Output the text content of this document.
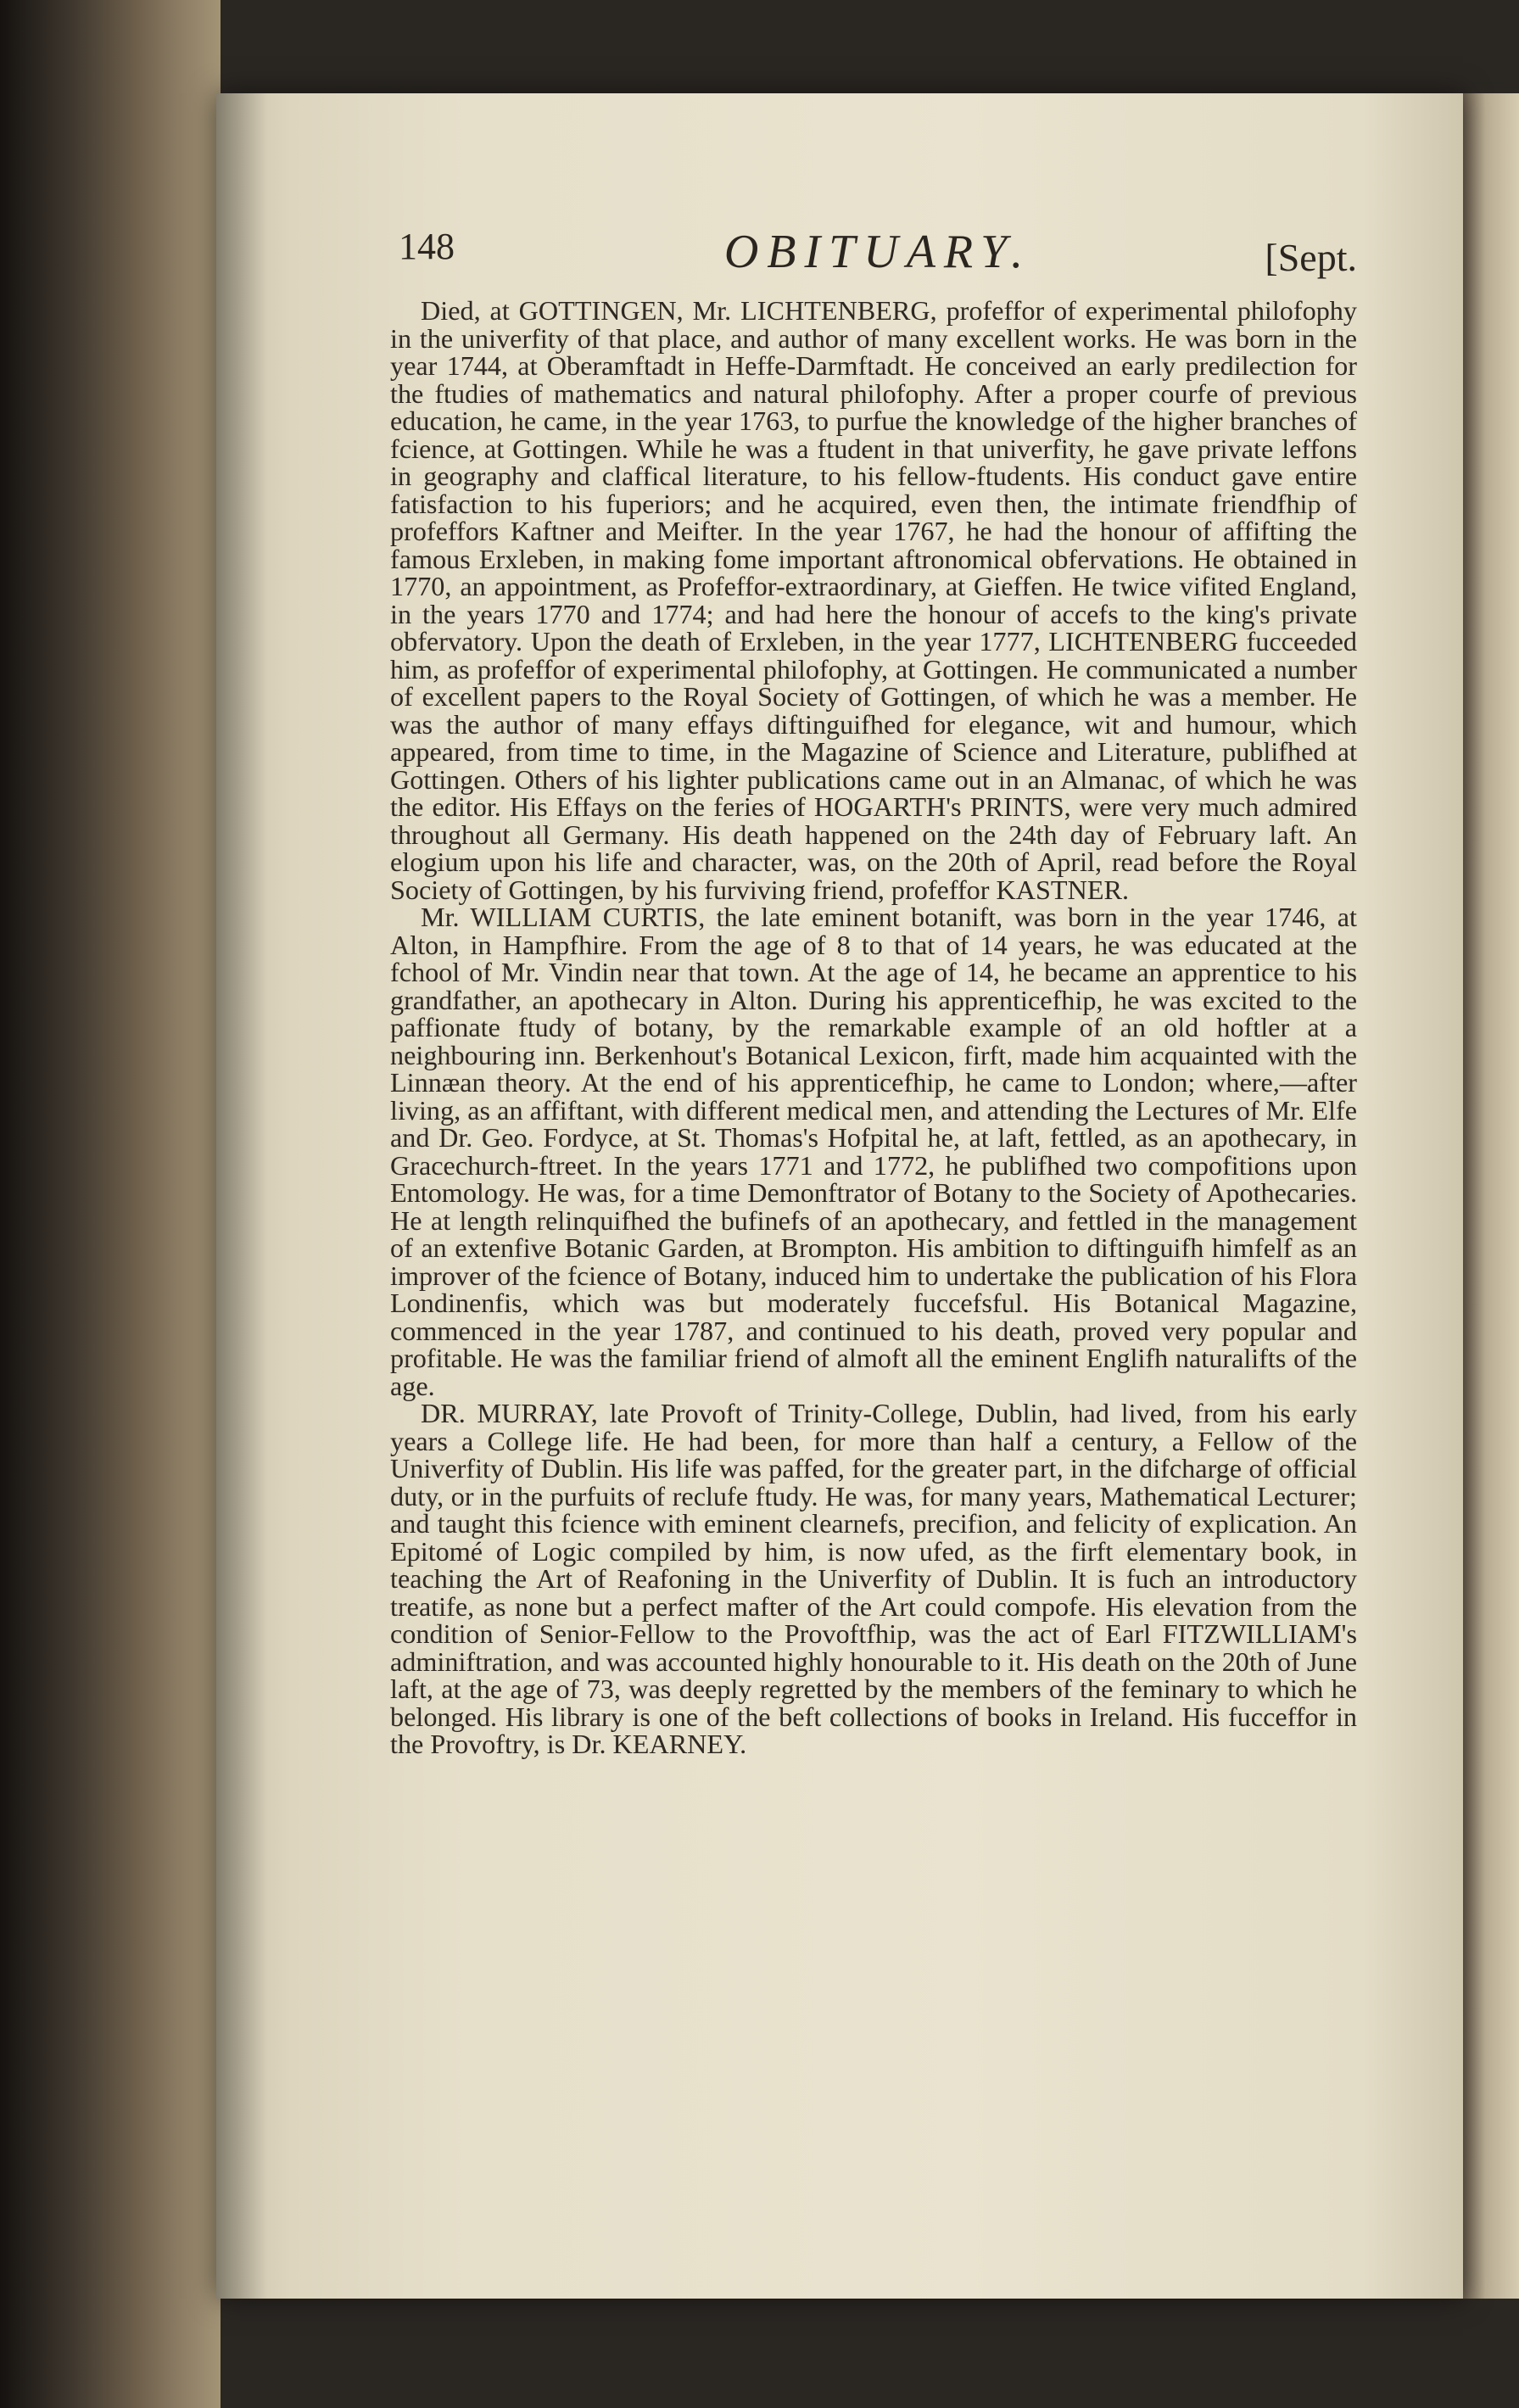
148	OBITUARY.	[Sept.

Died, at GOTTINGEN, Mr. LICHTENBERG, profeffor of experimental philofophy in the univerfity of that place, and author of many excellent works. He was born in the year 1744, at Oberamftadt in Heffe-Darmftadt. He conceived an early predilection for the ftudies of mathematics and natural philofophy. After a proper courfe of previous education, he came, in the year 1763, to purfue the knowledge of the higher branches of fcience, at Gottingen. While he was a ftudent in that univerfity, he gave private leffons in geography and claffical literature, to his fellow-ftudents. His conduct gave entire fatisfaction to his fuperiors; and he acquired, even then, the intimate friendfhip of profeffors Kaftner and Meifter. In the year 1767, he had the honour of affifting the famous Erxleben, in making fome important aftronomical obfervations. He obtained in 1770, an appointment, as Profeffor-extraordinary, at Gieffen. He twice vifited England, in the years 1770 and 1774; and had here the honour of accefs to the king's private obfervatory. Upon the death of Erxleben, in the year 1777, LICHTENBERG fucceeded him, as profeffor of experimental philofophy, at Gottingen. He communicated a number of excellent papers to the Royal Society of Gottingen, of which he was a member. He was the author of many effays diftinguifhed for elegance, wit and humour, which appeared, from time to time, in the Magazine of Science and Literature, publifhed at Gottingen. Others of his lighter publications came out in an Almanac, of which he was the editor. His Effays on the feries of HOGARTH's PRINTS, were very much admired throughout all Germany. His death happened on the 24th day of February laft. An elogium upon his life and character, was, on the 20th of April, read before the Royal Society of Gottingen, by his furviving friend, profeffor KASTNER.

Mr. WILLIAM CURTIS, the late eminent botanift, was born in the year 1746, at Alton, in Hampfhire. From the age of 8 to that of 14 years, he was educated at the fchool of Mr. Vindin near that town. At the age of 14, he became an apprentice to his grandfather, an apothecary in Alton. During his apprenticefhip, he was excited to the paffionate ftudy of botany, by the remarkable example of an old hoftler at a neighbouring inn. Berkenhout's Botanical Lexicon, firft, made him acquainted with the Linnæan theory. At the end of his apprenticefhip, he came to London; where,—after living, as an affiftant, with different medical men, and attending the Lectures of Mr. Elfe and Dr. Geo. Fordyce, at St. Thomas's Hofpital he, at laft, fettled, as an apothecary, in Gracechurch-ftreet. In the years 1771 and 1772, he publifhed two compofitions upon Entomology. He was, for a time Demonftrator of Botany to the Society of Apothecaries. He at length relinquifhed the bufinefs of an apothecary, and fettled in the management of an extenfive Botanic Garden, at Brompton. His ambition to diftinguifh himfelf as an improver of the fcience of Botany, induced him to undertake the publication of his Flora Londinenfis, which was but moderately fuccefsful. His Botanical Magazine, commenced in the year 1787, and continued to his death, proved very popular and profitable. He was the familiar friend of almoft all the eminent Englifh naturalifts of the age.

DR. MURRAY, late Provoft of Trinity-College, Dublin, had lived, from his early years a College life. He had been, for more than half a century, a Fellow of the Univerfity of Dublin. His life was paffed, for the greater part, in the difcharge of official duty, or in the purfuits of reclufe ftudy. He was, for many years, Mathematical Lecturer; and taught this fcience with eminent clearnefs, precifion, and felicity of explication. An Epitomé of Logic compiled by him, is now ufed, as the firft elementary book, in teaching the Art of Reafoning in the Univerfity of Dublin. It is fuch an introductory treatife, as none but a perfect mafter of the Art could compofe. His elevation from the condition of Senior-Fellow to the Provoftfhip, was the act of Earl FITZWILLIAM's adminiftration, and was accounted highly honourable to it. His death on the 20th of June laft, at the age of 73, was deeply regretted by the members of the feminary to which he belonged. His library is one of the beft collections of books in Ireland. His fucceffor in the Provoftry, is Dr. KEARNEY.
